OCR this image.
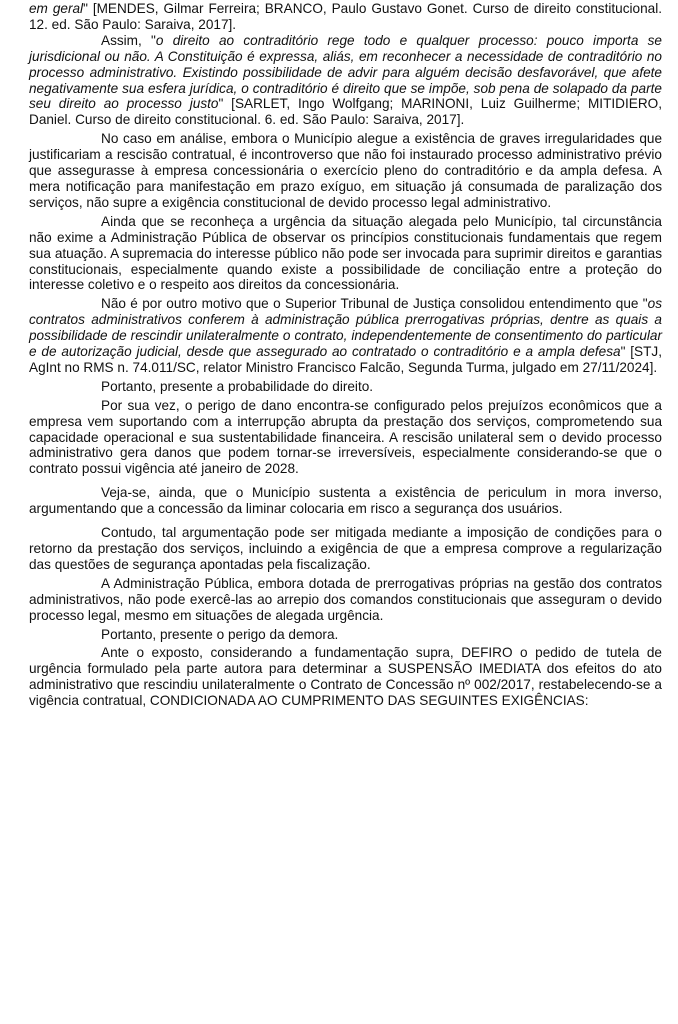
em geral" [MENDES, Gilmar Ferreira; BRANCO, Paulo Gustavo Gonet. Curso de direito constitucional. 12. ed. São Paulo: Saraiva, 2017].

Assim, "o direito ao contraditório rege todo e qualquer processo: pouco importa se jurisdicional ou não. A Constituição é expressa, aliás, em reconhecer a necessidade de contraditório no processo administrativo. Existindo possibilidade de advir para alguém decisão desfavorável, que afete negativamente sua esfera jurídica, o contraditório é direito que se impõe, sob pena de solapado da parte seu direito ao processo justo" [SARLET, Ingo Wolfgang; MARINONI, Luiz Guilherme; MITIDIERO, Daniel. Curso de direito constitucional. 6. ed. São Paulo: Saraiva, 2017].

No caso em análise, embora o Município alegue a existência de graves irregularidades que justificariam a rescisão contratual, é incontroverso que não foi instaurado processo administrativo prévio que assegurasse à empresa concessionária o exercício pleno do contraditório e da ampla defesa. A mera notificação para manifestação em prazo exíguo, em situação já consumada de paralização dos serviços, não supre a exigência constitucional de devido processo legal administrativo.

Ainda que se reconheça a urgência da situação alegada pelo Município, tal circunstância não exime a Administração Pública de observar os princípios constitucionais fundamentais que regem sua atuação. A supremacia do interesse público não pode ser invocada para suprimir direitos e garantias constitucionais, especialmente quando existe a possibilidade de conciliação entre a proteção do interesse coletivo e o respeito aos direitos da concessionária.

Não é por outro motivo que o Superior Tribunal de Justiça consolidou entendimento que "os contratos administrativos conferem à administração pública prerrogativas próprias, dentre as quais a possibilidade de rescindir unilateralmente o contrato, independentemente de consentimento do particular e de autorização judicial, desde que assegurado ao contratado o contraditório e a ampla defesa" [STJ, AgInt no RMS n. 74.011/SC, relator Ministro Francisco Falcão, Segunda Turma, julgado em 27/11/2024].

Portanto, presente a probabilidade do direito.

Por sua vez, o perigo de dano encontra-se configurado pelos prejuízos econômicos que a empresa vem suportando com a interrupção abrupta da prestação dos serviços, comprometendo sua capacidade operacional e sua sustentabilidade financeira. A rescisão unilateral sem o devido processo administrativo gera danos que podem tornar-se irreversíveis, especialmente considerando-se que o contrato possui vigência até janeiro de 2028.

Veja-se, ainda, que o Município sustenta a existência de periculum in mora inverso, argumentando que a concessão da liminar colocaria em risco a segurança dos usuários.

Contudo, tal argumentação pode ser mitigada mediante a imposição de condições para o retorno da prestação dos serviços, incluindo a exigência de que a empresa comprove a regularização das questões de segurança apontadas pela fiscalização.

A Administração Pública, embora dotada de prerrogativas próprias na gestão dos contratos administrativos, não pode exercê-las ao arrepio dos comandos constitucionais que asseguram o devido processo legal, mesmo em situações de alegada urgência.

Portanto, presente o perigo da demora.

Ante o exposto, considerando a fundamentação supra, DEFIRO o pedido de tutela de urgência formulado pela parte autora para determinar a SUSPENSÃO IMEDIATA dos efeitos do ato administrativo que rescindiu unilateralmente o Contrato de Concessão nº 002/2017, restabelecendo-se a vigência contratual, CONDICIONADA AO CUMPRIMENTO DAS SEGUINTES EXIGÊNCIAS:
